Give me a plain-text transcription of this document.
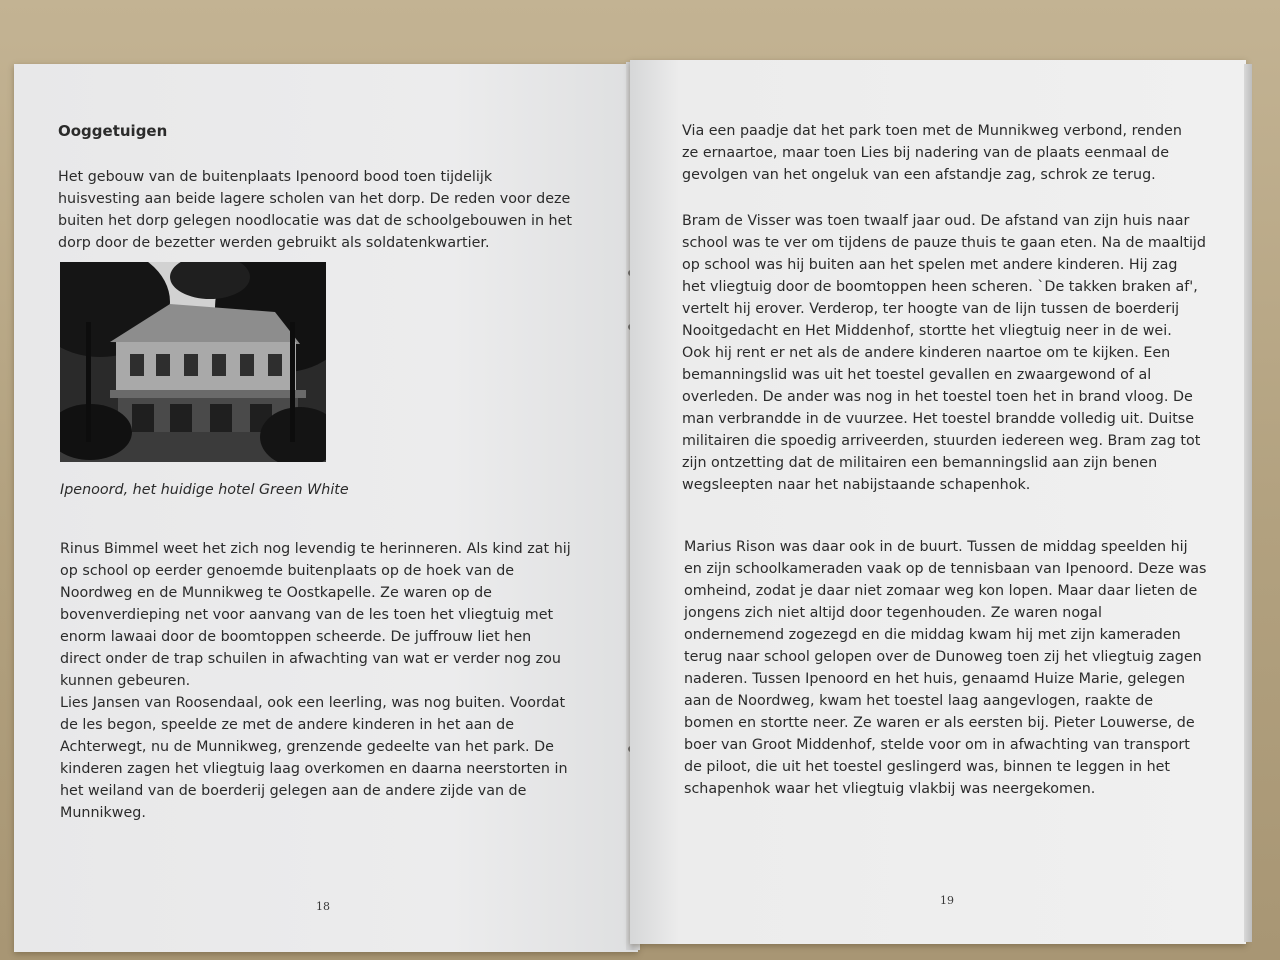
Ooggetuigen

Het gebouw van de buitenplaats Ipenoord bood toen tijdelijk
huisvesting aan beide lagere scholen van het dorp. De reden voor deze
buiten het dorp gelegen noodlocatie was dat de schoolgebouwen in het
dorp door de bezetter werden gebruikt als soldatenkwartier.

Ipenoord, het huidige hotel Green White

Rinus Bimmel weet het zich nog levendig te herinneren. Als kind zat hij
op school op eerder genoemde buitenplaats op de hoek van de
Noordweg en de Munnikweg te Oostkapelle. Ze waren op de
bovenverdieping net voor aanvang van de les toen het vliegtuig met
enorm lawaai door de boomtoppen scheerde. De juffrouw liet hen
direct onder de trap schuilen in afwachting van wat er verder nog zou
kunnen gebeuren.
Lies Jansen van Roosendaal, ook een leerling, was nog buiten. Voordat
de les begon, speelde ze met de andere kinderen in het aan de
Achterwegt, nu de Munnikweg, grenzende gedeelte van het park. De
kinderen zagen het vliegtuig laag overkomen en daarna neerstorten in
het weiland van de boerderij gelegen aan de andere zijde van de
Munnikweg.

18

Via een paadje dat het park toen met de Munnikweg verbond, renden
ze ernaartoe, maar toen Lies bij nadering van de plaats eenmaal de
gevolgen van het ongeluk van een afstandje zag, schrok ze terug.

Bram de Visser was toen twaalf jaar oud. De afstand van zijn huis naar
school was te ver om tijdens de pauze thuis te gaan eten. Na de maaltijd
op school was hij buiten aan het spelen met andere kinderen. Hij zag
het vliegtuig door de boomtoppen heen scheren. `De takken braken af',
vertelt hij erover. Verderop, ter hoogte van de lijn tussen de boerderij
Nooitgedacht en Het Middenhof, stortte het vliegtuig neer in de wei.
Ook hij rent er net als de andere kinderen naartoe om te kijken. Een
bemanningslid was uit het toestel gevallen en zwaargewond of al
overleden. De ander was nog in het toestel toen het in brand vloog. De
man verbrandde in de vuurzee. Het toestel brandde volledig uit. Duitse
militairen die spoedig arriveerden, stuurden iedereen weg. Bram zag tot
zijn ontzetting dat de militairen een bemanningslid aan zijn benen
wegsleepten naar het nabijstaande schapenhok.

Marius Rison was daar ook in de buurt. Tussen de middag speelden hij
en zijn schoolkameraden vaak op de tennisbaan van Ipenoord. Deze was
omheind, zodat je daar niet zomaar weg kon lopen. Maar daar lieten de
jongens zich niet altijd door tegenhouden. Ze waren nogal
ondernemend zogezegd en die middag kwam hij met zijn kameraden
terug naar school gelopen over de Dunoweg toen zij het vliegtuig zagen
naderen. Tussen Ipenoord en het huis, genaamd Huize Marie, gelegen
aan de Noordweg, kwam het toestel laag aangevlogen, raakte de
bomen en stortte neer. Ze waren er als eersten bij. Pieter Louwerse, de
boer van Groot Middenhof, stelde voor om in afwachting van transport
de piloot, die uit het toestel geslingerd was, binnen te leggen in het
schapenhok waar het vliegtuig vlakbij was neergekomen.

19
